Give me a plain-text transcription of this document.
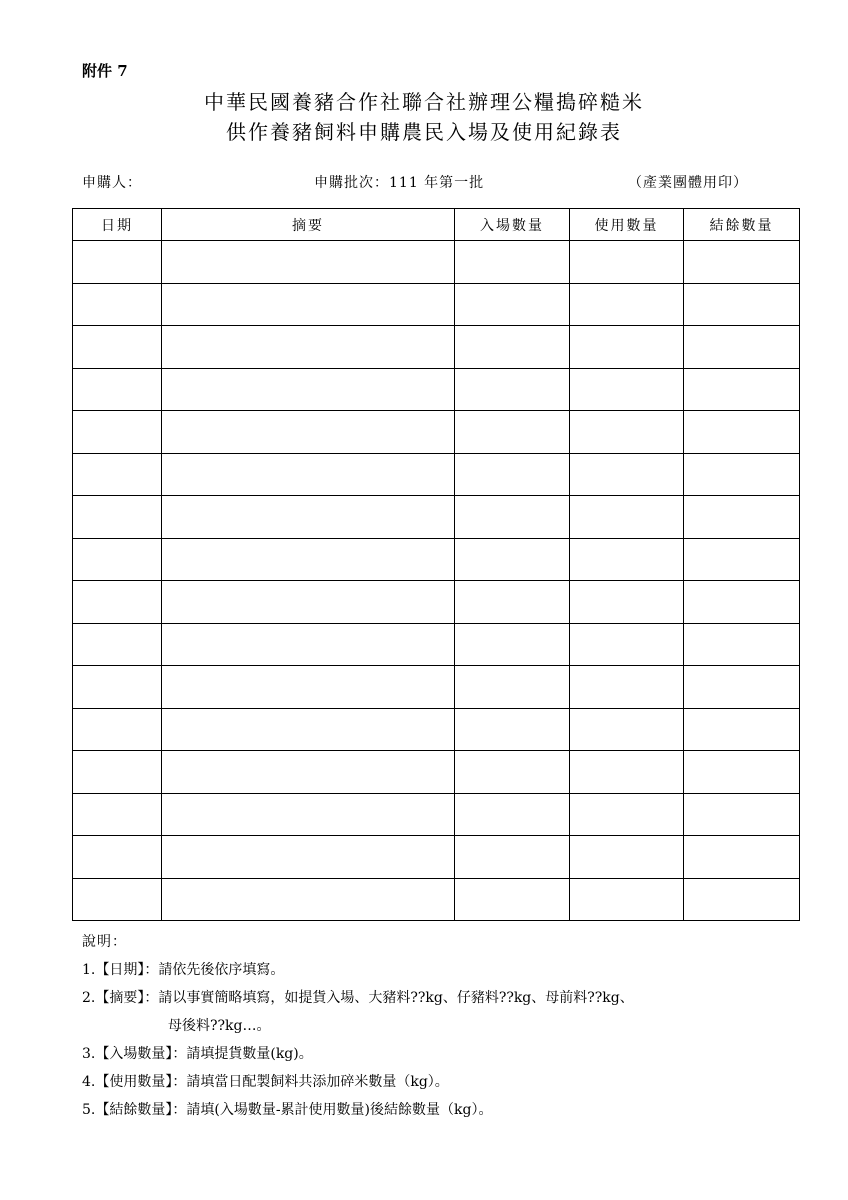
附件 7
中華民國養豬合作社聯合社辦理公糧搗碎糙米
供作養豬飼料申購農民入場及使用紀錄表
申購人：	申購批次：111 年第一批	（產業團體用印）
日期	摘要	入場數量	使用數量	結餘數量

說明：
1.【日期】：請依先後依序填寫。
2.【摘要】：請以事實簡略填寫，如提貨入場、大豬料??kg、仔豬料??kg、母前料??kg、
母後料??kg…。
3.【入場數量】：請填提貨數量(kg)。
4.【使用數量】：請填當日配製飼料共添加碎米數量（kg）。
5.【結餘數量】：請填(入場數量-累計使用數量)後結餘數量（kg）。
